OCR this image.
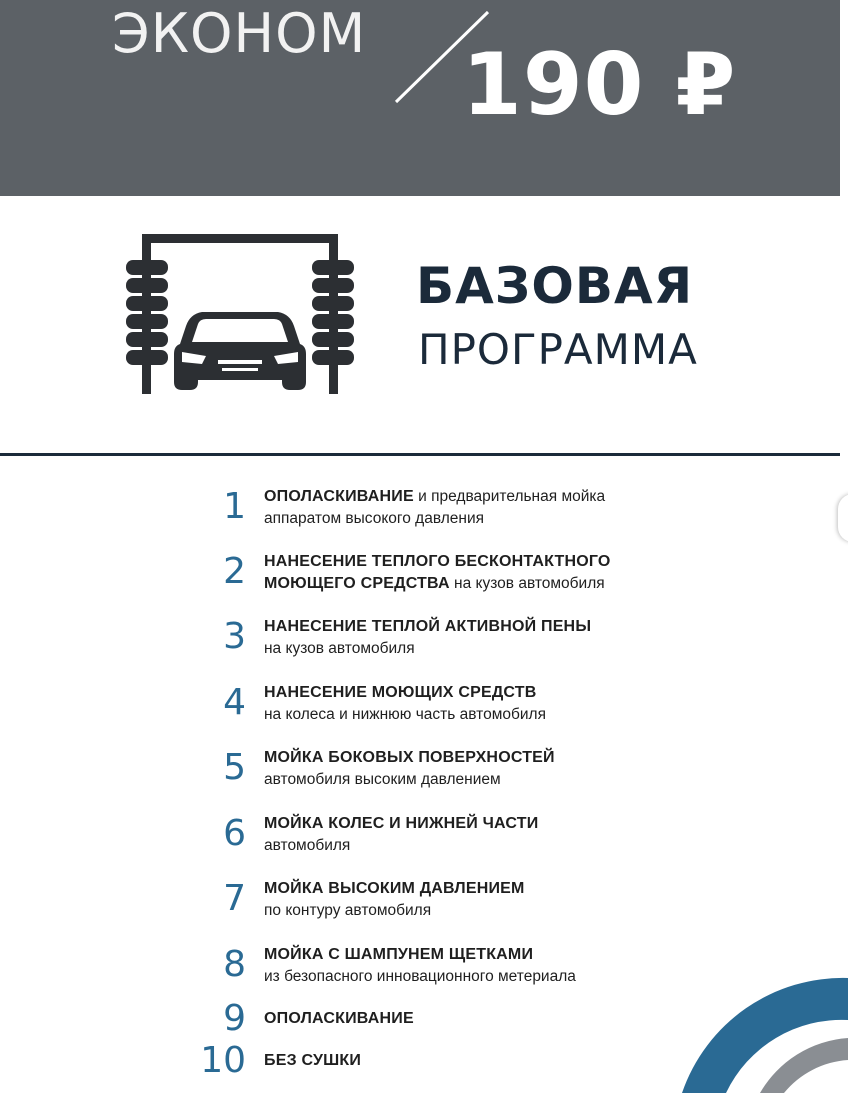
ЭКОНОМ
190 ₽
БАЗОВАЯ
ПРОГРАММА
1 ОПОЛАСКИВАНИЕ и предварительная мойка
аппаратом высокого давления
2 НАНЕСЕНИЕ ТЕПЛОГО БЕСКОНТАКТНОГО
МОЮЩЕГО СРЕДСТВА на кузов автомобиля
3 НАНЕСЕНИЕ ТЕПЛОЙ АКТИВНОЙ ПЕНЫ
на кузов автомобиля
4 НАНЕСЕНИЕ МОЮЩИХ СРЕДСТВ
на колеса и нижнюю часть автомобиля
5 МОЙКА БОКОВЫХ ПОВЕРХНОСТЕЙ
автомобиля высоким давлением
6 МОЙКА КОЛЕС И НИЖНЕЙ ЧАСТИ
автомобиля
7 МОЙКА ВЫСОКИМ ДАВЛЕНИЕМ
по контуру автомобиля
8 МОЙКА С ШАМПУНЕМ ЩЕТКАМИ
из безопасного инновационного метериала
9 ОПОЛАСКИВАНИЕ
10 БЕЗ СУШКИ
